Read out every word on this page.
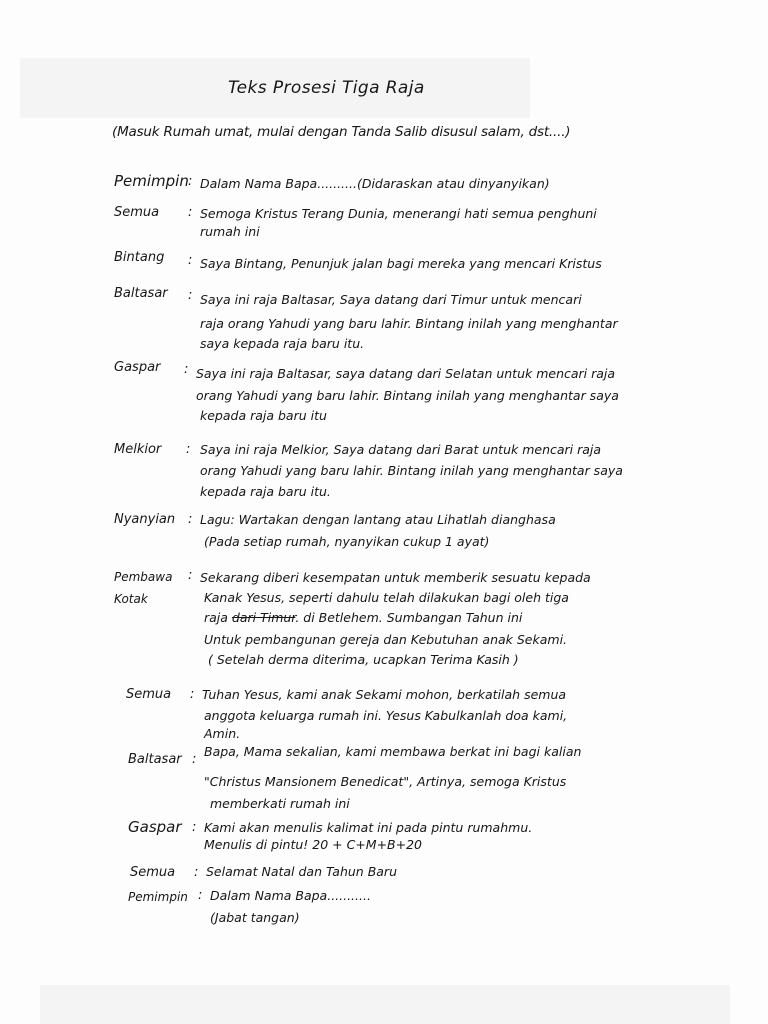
Teks Prosesi Tiga Raja
(Masuk Rumah umat, mulai dengan Tanda Salib disusul salam, dst....)
Pemimpin : Dalam Nama Bapa..........(Didaraskan atau dinyanyikan)
Semua : Semoga Kristus Terang Dunia, menerangi hati semua penghuni
rumah ini
Bintang : Saya Bintang, Penunjuk jalan bagi mereka yang mencari Kristus
Baltasar : Saya ini raja Baltasar, Saya datang dari Timur untuk mencari
raja orang Yahudi yang baru lahir. Bintang inilah yang menghantar
saya kepada raja baru itu.
Gaspar : Saya ini raja Baltasar, saya datang dari Selatan untuk mencari raja
orang Yahudi yang baru lahir. Bintang inilah yang menghantar saya
kepada raja baru itu
Melkior : Saya ini raja Melkior, Saya datang dari Barat untuk mencari raja
orang Yahudi yang baru lahir. Bintang inilah yang menghantar saya
kepada raja baru itu.
Nyanyian : Lagu: Wartakan dengan lantang atau Lihatlah dianghasa
(Pada setiap rumah, nyanyikan cukup 1 ayat)
Pembawa Kotak
: Sekarang diberi kesempatan untuk memberik sesuatu kepada
Kanak Yesus, seperti dahulu telah dilakukan bagi oleh tiga
raja dari Timur. di Betlehem. Sumbangan Tahun ini
Untuk pembangunan gereja dan Kebutuhan anak Sekami.
( Setelah derma diterima, ucapkan Terima Kasih )
Semua : Tuhan Yesus, kami anak Sekami mohon, berkatilah semua
anggota keluarga rumah ini. Yesus Kabulkanlah doa kami,
Amin.
Baltasar :
Bapa, Mama sekalian, kami membawa berkat ini bagi kalian
"Christus Mansionem Benedicat", Artinya, semoga Kristus
memberkati rumah ini
Gaspar : Kami akan menulis kalimat ini pada pintu rumahmu.
Menulis di pintu! 20 + C+M+B+20
Semua : Selamat Natal dan Tahun Baru
Pemimpin : Dalam Nama Bapa...........
(Jabat tangan)
